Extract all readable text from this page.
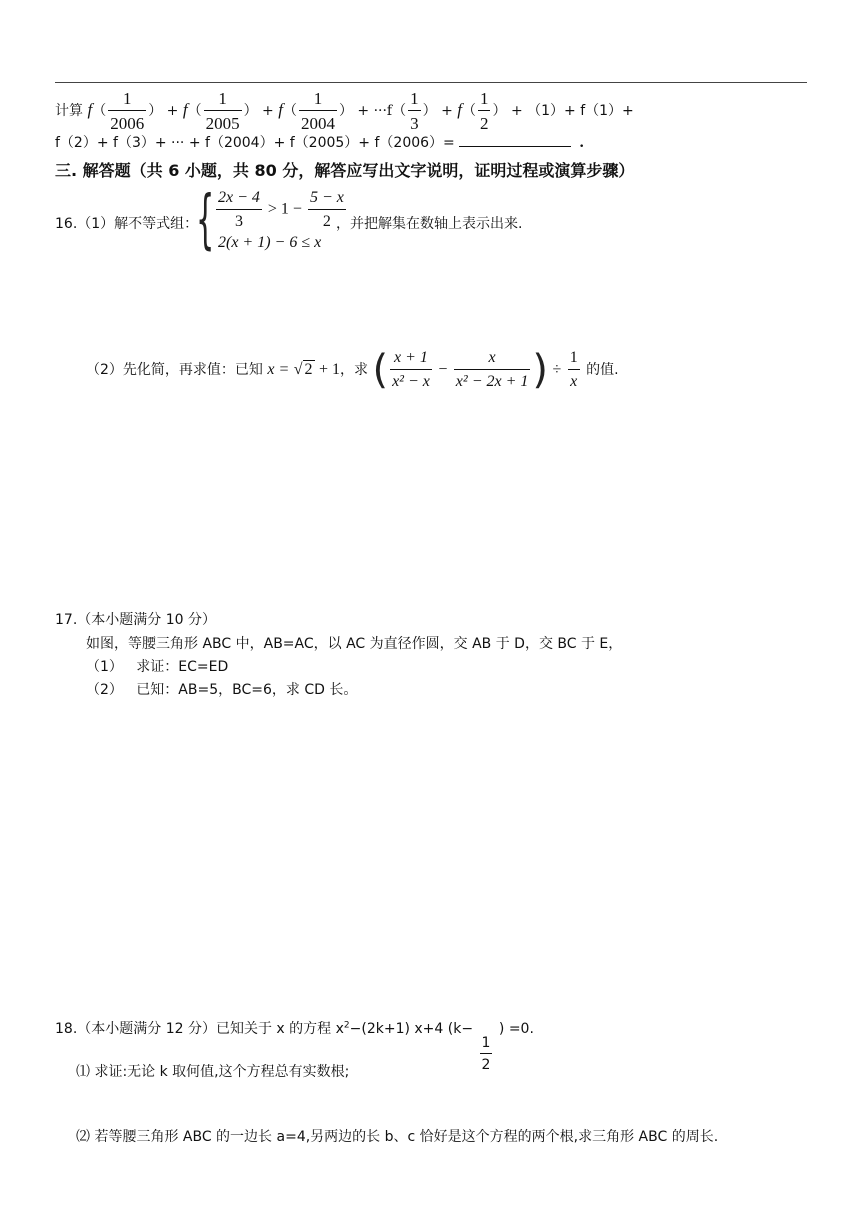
计算 $f( \frac{1}{2006}$ ） + $f( \frac{1}{2005}$ ） + $f( \frac{1}{2004}$ ） + $\cdot\cdot\cdot f( \frac{1}{3}$ ） + $f( \frac{1}{2}$ ） + （1）+ f（1）+
f（2）+ f（3）+ ··· + f（2004）+ f（2005）+ f（2006）=	.
三. 解答题（共 6 小题，共 80 分，解答应写出文字说明，证明过程或演算步骤）
16.（1）解不等式组：
{ $\frac{2x - 4}{3} > 1 - \frac{5 - x}{2}$
2(x + 1) − 6 ≤ x
，并把解集在数轴上表示出来.
（2）先化简，再求值：已知 x = √ 2 + 1，求 ( $\frac{x + 1}{\text{x² − x}} - \frac{x}{\text{x² − 2x + 1}}$ ) ÷ $\frac{1}{x}$ 的值.
17.（本小题满分 10 分）
如图，等腰三角形 ABC 中，AB=AC，以 AC 为直径作圆，交 AB 于 D，交 BC 于 E，
（1） 求证：EC=ED
（2） 已知：AB=5，BC=6，求 CD 长。
18.（本小题满分 12 分）已知关于 x 的方程 $x^2-(2k+1)$ x+4 (k−
$\frac{1}{2}$
) =0.
⑴ 求证:无论 k 取何值,这个方程总有实数根;
⑵ 若等腰三角形 ABC 的一边长 a=4,另两边的长 b、c 恰好是这个方程的两个根,求三角形 ABC 的周长.
